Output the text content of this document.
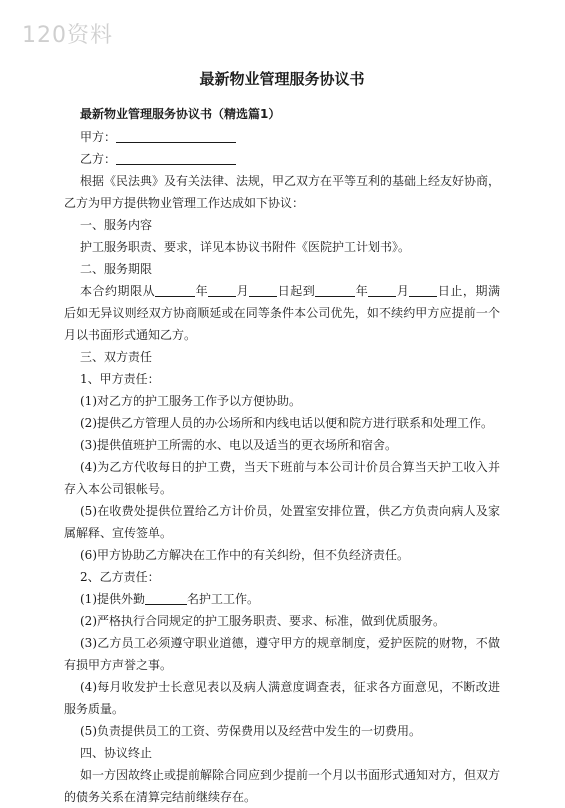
120资料
最新物业管理服务协议书
最新物业管理服务协议书（精选篇1）
甲方：
乙方：
根据《民法典》及有关法律、法规，甲乙双方在平等互利的基础上经友好协商，乙方为甲方提供物业管理工作达成如下协议：
一、服务内容
护工服务职责、要求，详见本协议书附件《医院护工计划书》。
二、服务期限
本合约期限从	年 月 日起到	年 月 日止，期满后如无异议则经双方协商顺延或在同等条件本公司优先，如不续约甲方应提前一个月以书面形式通知乙方。
三、双方责任
1、甲方责任：
(1)对乙方的护工服务工作予以方便协助。
(2)提供乙方管理人员的办公场所和内线电话以便和院方进行联系和处理工作。
(3)提供值班护工所需的水、电以及适当的更衣场所和宿舍。
(4)为乙方代收每日的护工费，当天下班前与本公司计价员合算当天护工收入并存入本公司银帐号。
(5)在收费处提供位置给乙方计价员，处置室安排位置，供乙方负责向病人及家属解释、宣传签单。
(6)甲方协助乙方解决在工作中的有关纠纷，但不负经济责任。
2、乙方责任：
(1)提供外勤	名护工工作。
(2)严格执行合同规定的护工服务职责、要求、标准，做到优质服务。
(3)乙方员工必须遵守职业道德，遵守甲方的规章制度，爱护医院的财物，不做有损甲方声誉之事。
(4)每月收发护士长意见表以及病人满意度调查表，征求各方面意见，不断改进服务质量。
(5)负责提供员工的工资、劳保费用以及经营中发生的一切费用。
四、协议终止
如一方因故终止或提前解除合同应到少提前一个月以书面形式通知对方，但双方的债务关系在清算完结前继续存在。
